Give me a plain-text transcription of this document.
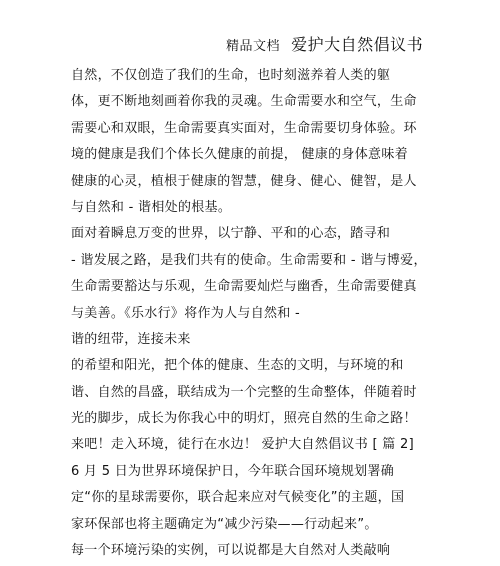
精品文档 爱护大自然倡议书
自然，不仅创造了我们的生命，也时刻滋养着人类的躯
体，更不断地刻画着你我的灵魂。生命需要水和空气，生命
需要心和双眼，生命需要真实面对，生命需要切身体验。环
境的健康是我们个体长久健康的前提， 健康的身体意味着
健康的心灵，植根于健康的智慧，健身、健心、健智，是人
与自然和 - 谐相处的根基。
面对着瞬息万变的世界，以宁静、平和的心态，踏寻和
- 谐发展之路，是我们共有的使命。生命需要和 - 谐与博爱，
生命需要豁达与乐观，生命需要灿烂与幽香，生命需要健真
与美善。《乐水行》将作为人与自然和 -
谐的纽带，连接未来
的希望和阳光，把个体的健康、生态的文明，与环境的和
谐、自然的昌盛，联结成为一个完整的生命整体，伴随着时
光的脚步，成长为你我心中的明灯，照亮自然的生命之路！
来吧！走入环境，徒行在水边！ 爱护大自然倡议书 [ 篇 2]
6 月 5 日为世界环境保护日，今年联合国环境规划署确
定“你的星球需要你，联合起来应对气候变化”的主题，国
家环保部也将主题确定为“减少污染——行动起来”。
每一个环境污染的实例，可以说都是大自然对人类敲响
